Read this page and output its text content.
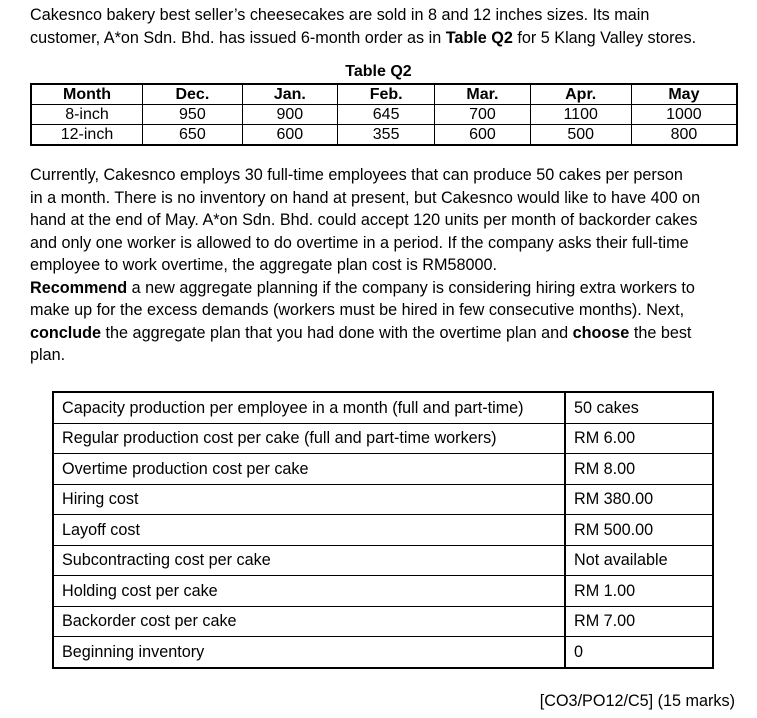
Cakesnco bakery best seller’s cheesecakes are sold in 8 and 12 inches sizes. Its main
customer, A*on Sdn. Bhd. has issued 6-month order as in Table Q2 for 5 Klang Valley stores.

Table Q2
Month	Dec.	Jan.	Feb.	Mar.	Apr.	May
8-inch	950	900	645	700	1100	1000
12-inch	650	600	355	600	500	800

Currently, Cakesnco employs 30 full-time employees that can produce 50 cakes per person
in a month. There is no inventory on hand at present, but Cakesnco would like to have 400 on
hand at the end of May. A*on Sdn. Bhd. could accept 120 units per month of backorder cakes
and only one worker is allowed to do overtime in a period. If the company asks their full-time
employee to work overtime, the aggregate plan cost is RM58000.
Recommend a new aggregate planning if the company is considering hiring extra workers to
make up for the excess demands (workers must be hired in few consecutive months). Next,
conclude the aggregate plan that you had done with the overtime plan and choose the best
plan.

Capacity production per employee in a month (full and part-time)	50 cakes
Regular production cost per cake (full and part-time workers)	RM 6.00
Overtime production cost per cake	RM 8.00
Hiring cost	RM 380.00
Layoff cost	RM 500.00
Subcontracting cost per cake	Not available
Holding cost per cake	RM 1.00
Backorder cost per cake	RM 7.00
Beginning inventory	0
[CO3/PO12/C5] (15 marks)
